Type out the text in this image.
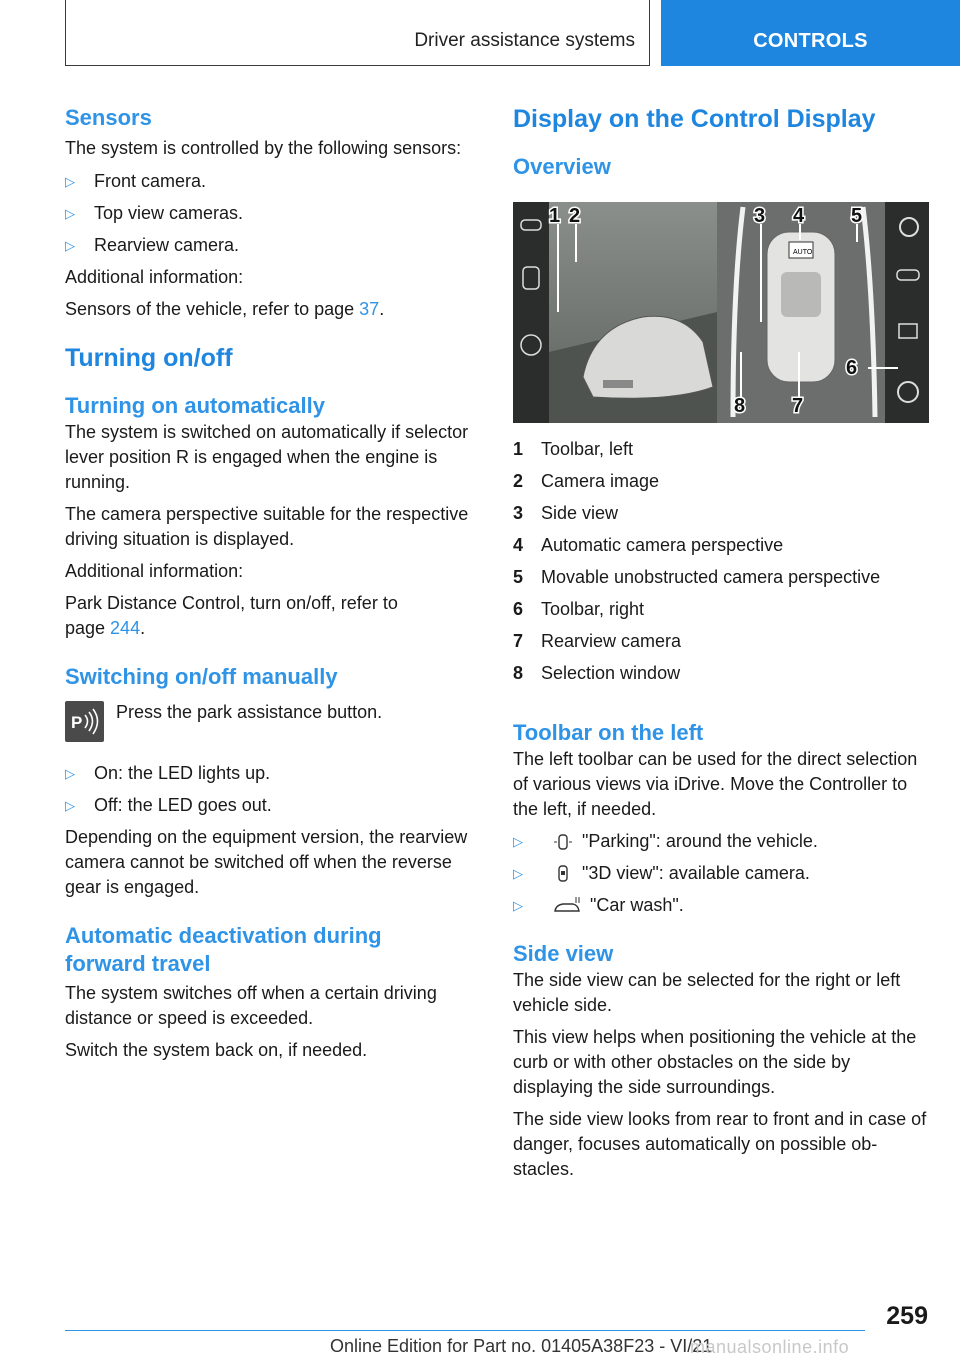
Driver assistance systems	CONTROLS
Sensors

The system is controlled by the following sensors:

▷ Front camera.
▷ Top view cameras.
▷ Rearview camera.

Additional information:

Sensors of the vehicle, refer to page 37.

Turning on/off
Turning on automatically

The system is switched on automatically if selector lever position R is engaged when the engine is running.

The camera perspective suitable for the respective driving situation is displayed.

Additional information:

Park Distance Control, turn on/off, refer to
page 244.

Switching on/off manually
P

Press the park assistance button.

▷ On: the LED lights up.
▷ Off: the LED goes out.

Depending on the equipment version, the rearview camera cannot be switched off when the reverse gear is engaged.

Automatic deactivation during
forward travel

The system switches off when a certain driving distance or speed is exceeded.

Switch the system back on, if needed.

Display on the Control Display
Overview
AUTO
1 2	3 4 5
6
7
8
1 Toolbar, left
2 Camera image
3 Side view
4 Automatic camera perspective
5 Movable unobstructed camera perspective
6 Toolbar, right
7 Rearview camera
8 Selection window
Toolbar on the left

The left toolbar can be used for the direct selection of various views via iDrive. Move the Controller to the left, if needed.

▷	"Parking": around the vehicle.
▷	"3D view": available camera.
▷	"Car wash".
Side view

The side view can be selected for the right or left vehicle side.

This view helps when positioning the vehicle at the curb or with other obstacles on the side by displaying the side surroundings.

The side view looks from rear to front and in case of danger, focuses automatically on possible obstacles.

259
Online Edition for Part no. 01405A38F23 - VI/21
manualsonline.info
